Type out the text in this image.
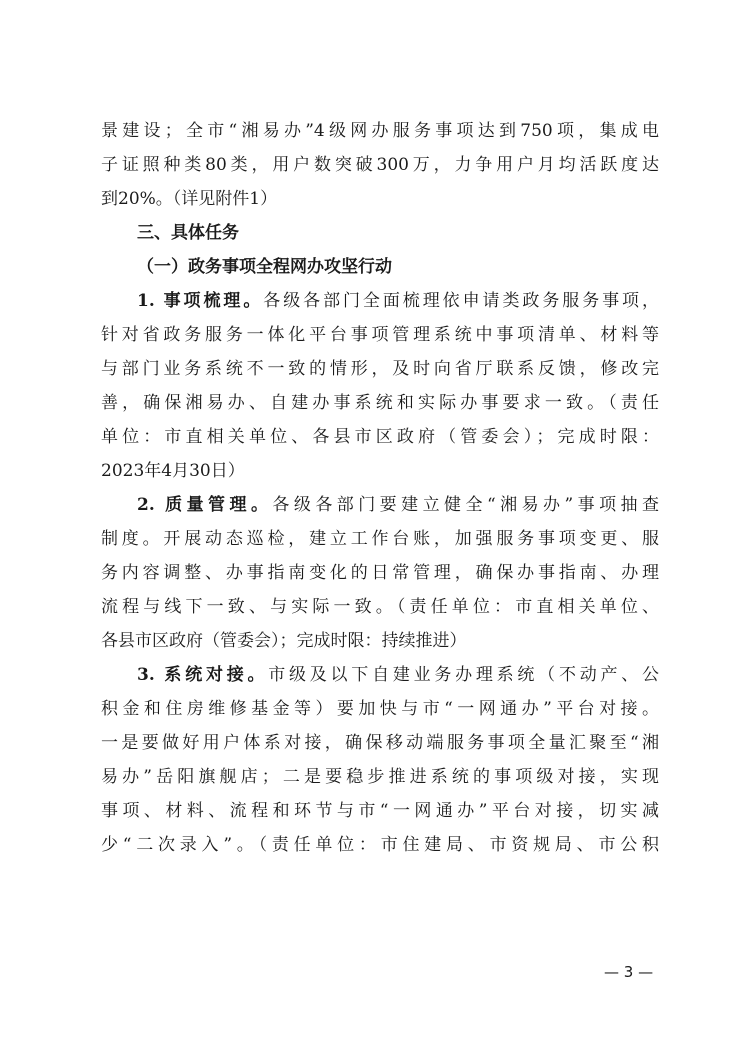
景建设；全市“湘易办”4级网办服务事项达到750项，集成电
子证照种类80类，用户数突破300万，力争用户月均活跃度达
到20%。（详见附件1）
三、具体任务
（一）政务事项全程网办攻坚行动
1. 事项梳理。各级各部门全面梳理依申请类政务服务事项，
针对省政务服务一体化平台事项管理系统中事项清单、材料等
与部门业务系统不一致的情形，及时向省厅联系反馈，修改完
善，确保湘易办、自建办事系统和实际办事要求一致。（责任
单位：市直相关单位、各县市区政府（管委会）；完成时限：
2023年4月30日）
2. 质量管理。各级各部门要建立健全“湘易办”事项抽查
制度。开展动态巡检，建立工作台账，加强服务事项变更、服
务内容调整、办事指南变化的日常管理，确保办事指南、办理
流程与线下一致、与实际一致。（责任单位：市直相关单位、
各县市区政府（管委会）；完成时限：持续推进）
3. 系统对接。市级及以下自建业务办理系统（不动产、公
积金和住房维修基金等）要加快与市“一网通办”平台对接。
一是要做好用户体系对接，确保移动端服务事项全量汇聚至“湘
易办”岳阳旗舰店；二是要稳步推进系统的事项级对接，实现
事项、材料、流程和环节与市“一网通办”平台对接，切实减
少“二次录入”。（责任单位：市住建局、市资规局、市公积
— 3 —
